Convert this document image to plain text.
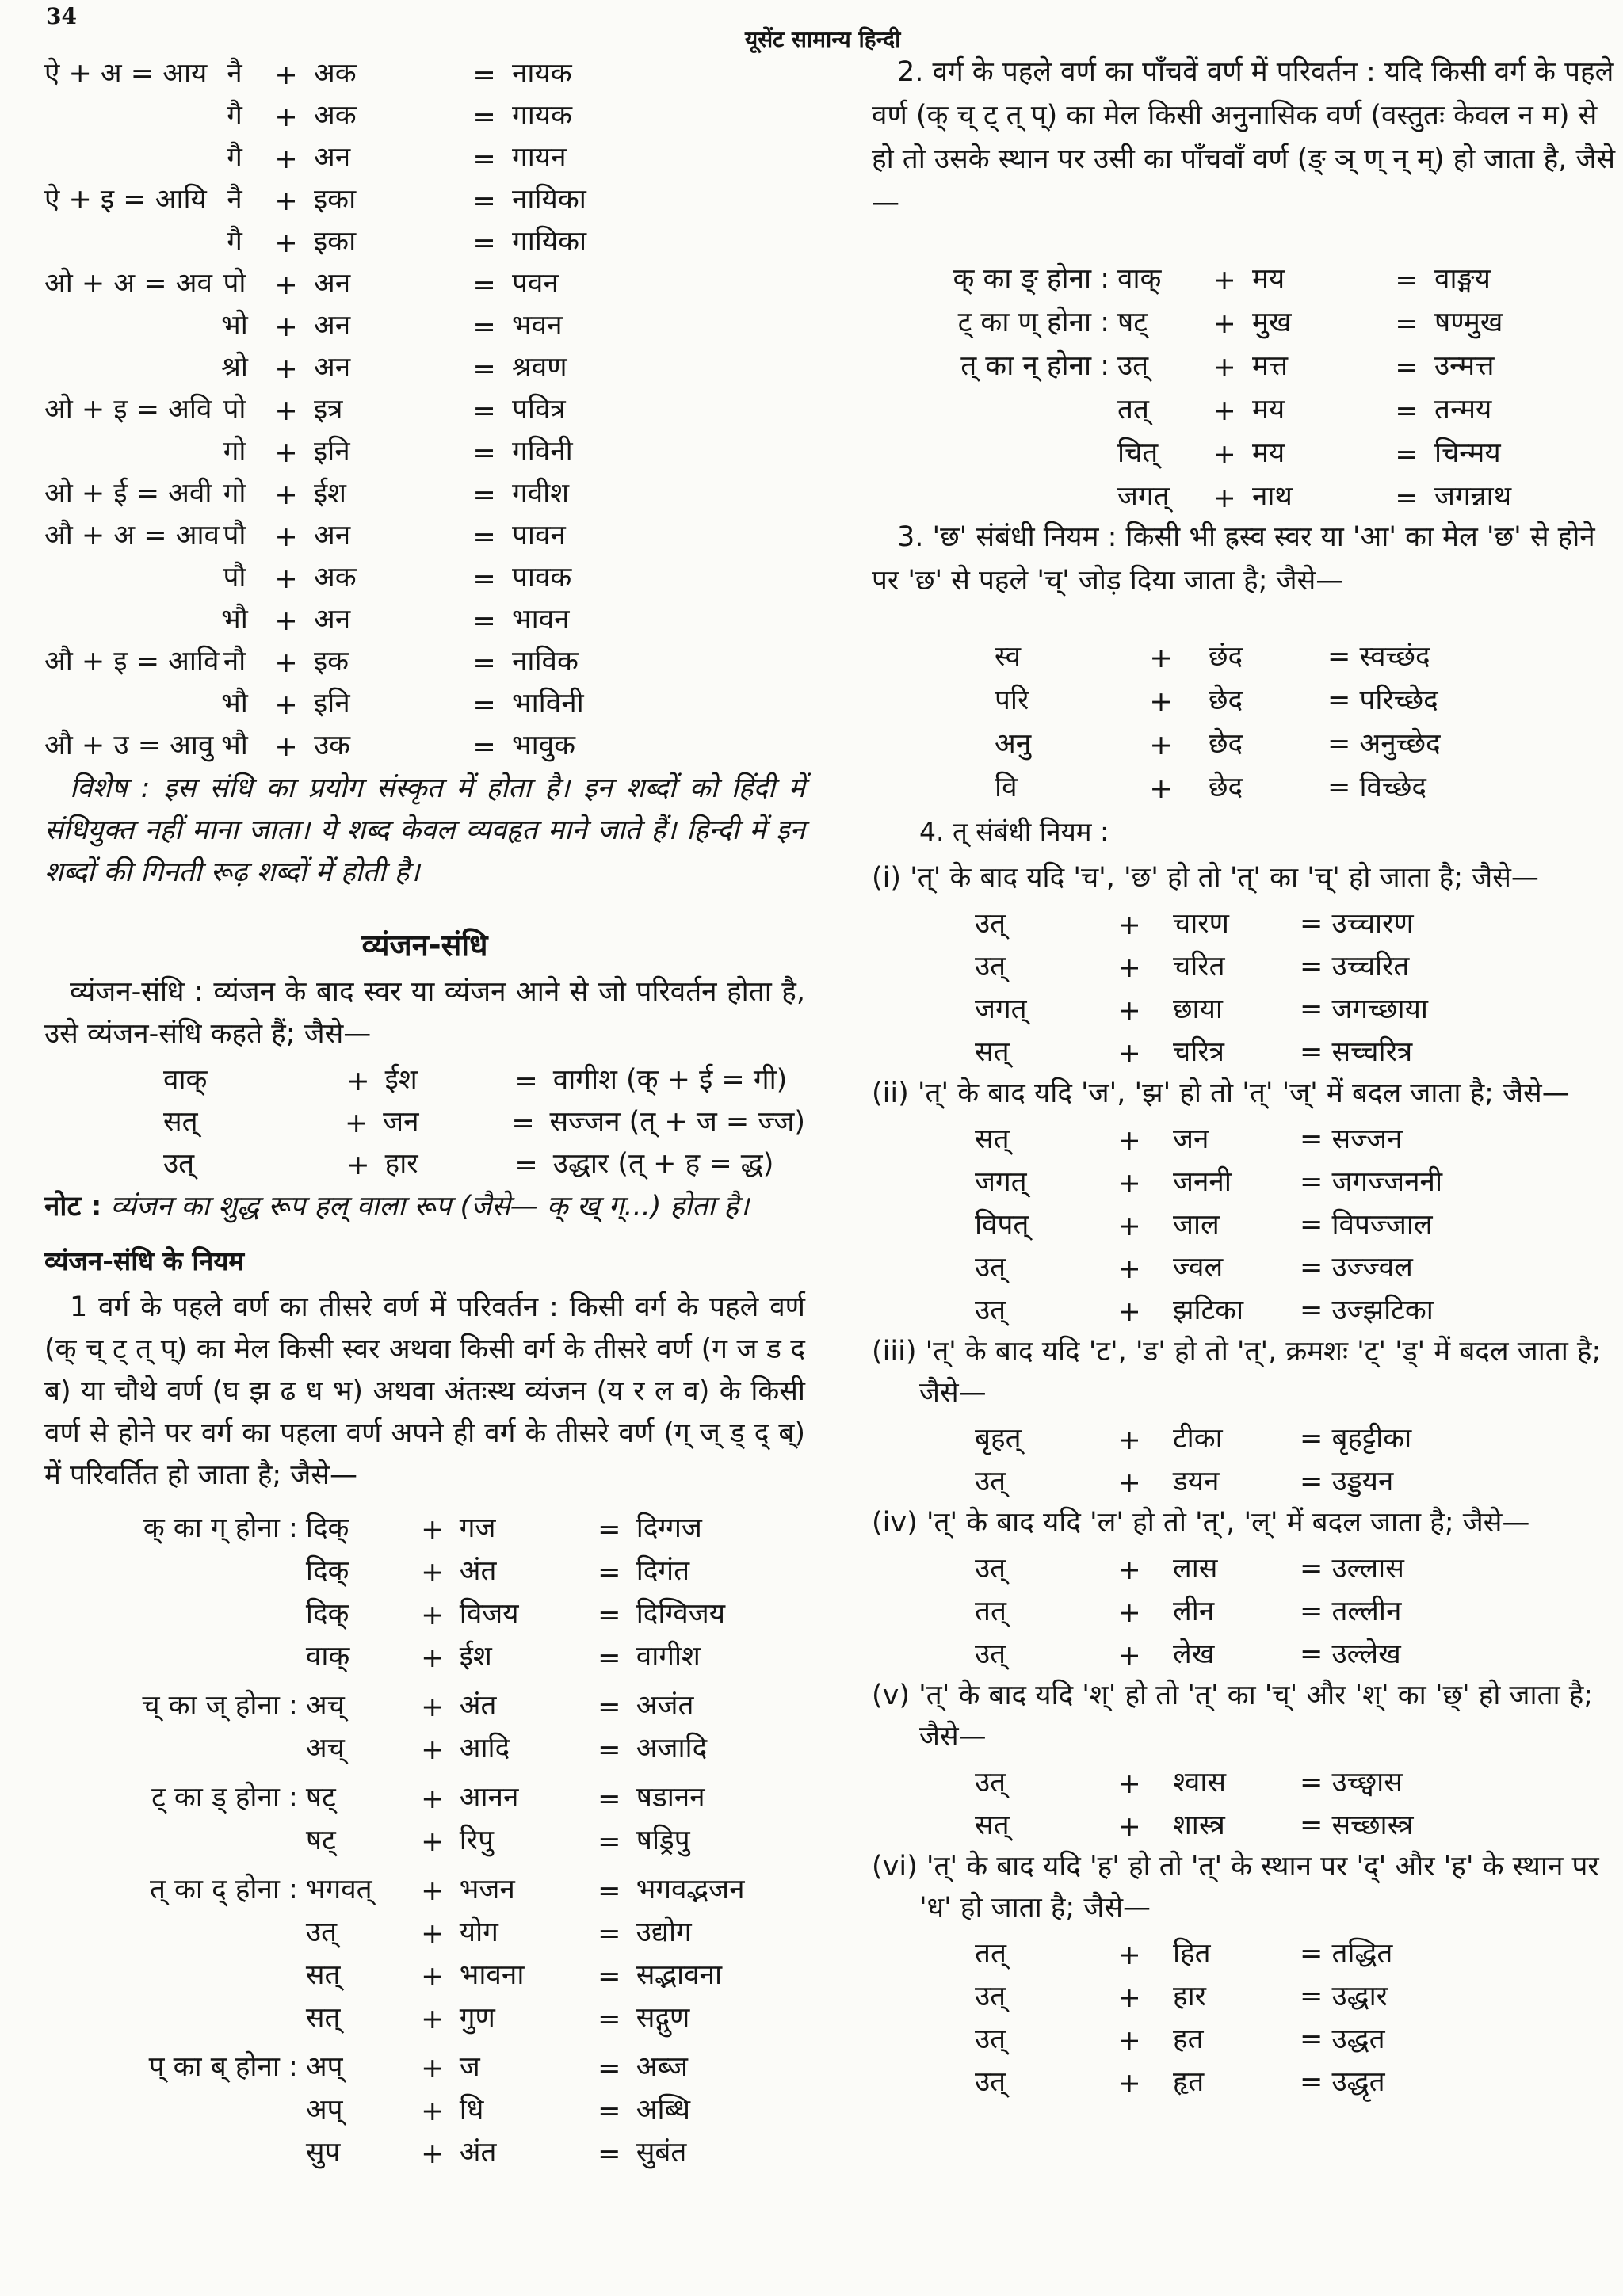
34
यूसेंट सामान्य हिन्दी
ऐ + अ = आय नै	+ अक	= नायक
गै	+ अक	= गायक
गै	+ अन	= गायन
ऐ + इ = आयि नै	+ इका	= नायिका
गै	+ इका	= गायिका
ओ + अ = अव पो	+ अन	= पवन
भो + अन	= भवन
श्रो + अन	= श्रवण
ओ + इ = अवि पो	+ इत्र	= पवित्र
गो	+ इनि	= गविनी
ओ + ई = अवी गो	+ ईश	= गवीश
औ + अ = आव पौ	+ अन	= पावन
पौ	+ अक	= पावक
भौ + अन	= भावन
औ + इ = आवि नौ	+ इक	= नाविक
भौ + इनि	= भाविनी
औ + उ = आवु भौ + उक	= भावुक

विशेष : इस संधि का प्रयोग संस्कृत में होता है। इन शब्दों को हिंदी में संधियुक्त नहीं माना जाता। ये शब्द केवल व्यवहृत माने जाते हैं। हिन्दी में इन शब्दों की गिनती रूढ़ शब्दों में होती है।

व्यंजन-संधि

व्यंजन-संधि : व्यंजन के बाद स्वर या व्यंजन आने से जो परिवर्तन होता है, उसे व्यंजन-संधि कहते हैं; जैसे—

वाक्	+ ईश	= वागीश (क् + ई = गी)
सत्	+ जन	= सज्जन (त् + ज = ज्ज)
उत्	+ हार	= उद्धार (त् + ह = द्ध)

नोट : व्यंजन का शुद्ध रूप हल् वाला रूप (जैसे— क् ख् ग्...) होता है।

व्यंजन-संधि के नियम

1 वर्ग के पहले वर्ण का तीसरे वर्ण में परिवर्तन : किसी वर्ग के पहले वर्ण (क् च् ट् त् प्) का मेल किसी स्वर अथवा किसी वर्ग के तीसरे वर्ण (ग ज ड द ब) या चौथे वर्ण (घ झ ढ ध भ) अथवा अंतःस्थ व्यंजन (य र ल व) के किसी वर्ण से होने पर वर्ग का पहला वर्ण अपने ही वर्ग के तीसरे वर्ण (ग् ज् ड् द् ब्) में परिवर्तित हो जाता है; जैसे—

क् का ग् होना : दिक्	+ गज	= दिग्गज
दिक्	+ अंत	= दिगंत
दिक्	+ विजय	= दिग्विजय
वाक्	+ ईश	= वागीश
च् का ज् होना : अच्	+ अंत	= अजंत
अच्	+ आदि	= अजादि
ट् का ड् होना : षट्	+ आनन	= षडानन
षट्	+ रिपु	= षड्रिपु
त् का द् होना : भगवत्	+ भजन	= भगवद्भजन
उत्	+ योग	= उद्योग
सत्	+ भावना	= सद्भावना
सत्	+ गुण	= सद्गुण
प् का ब् होना : अप्	+ ज	= अब्ज
अप्	+ धि	= अब्धि
सुप	+ अंत	= सुबंत

2. वर्ग के पहले वर्ण का पाँचवें वर्ण में परिवर्तन : यदि किसी वर्ग के पहले वर्ण (क् च् ट् त् प्) का मेल किसी अनुनासिक वर्ण (वस्तुतः केवल न म) से हो तो उसके स्थान पर उसी का पाँचवाँ वर्ण (ङ् ञ् ण् न् म्) हो जाता है, जैसे—

क् का ङ् होना : वाक्	+ मय	= वाङ्मय
ट् का ण् होना : षट्	+ मुख	= षण्मुख
त् का न् होना : उत्	+ मत्त	= उन्मत्त
तत्	+ मय	= तन्मय
चित्	+ मय	= चिन्मय
जगत्	+ नाथ	= जगन्नाथ

3. 'छ' संबंधी नियम : किसी भी ह्रस्व स्वर या 'आ' का मेल 'छ' से होने पर 'छ' से पहले 'च्' जोड़ दिया जाता है; जैसे—

स्व	+	छंद	= स्वच्छंद
परि	+	छेद	= परिच्छेद
अनु	+	छेद	= अनुच्छेद
वि	+	छेद	= विच्छेद
4. त् संबंधी नियम :
(i) 'त्' के बाद यदि 'च', 'छ' हो तो 'त्' का 'च्' हो जाता है; जैसे—
उत्	+	चारण	= उच्चारण
उत्	+	चरित	= उच्चरित
जगत्	+	छाया	= जगच्छाया
सत्	+	चरित्र	= सच्चरित्र
(ii) 'त्' के बाद यदि 'ज', 'झ' हो तो 'त्' 'ज्' में बदल जाता है; जैसे—
सत्	+	जन	= सज्जन
जगत्	+	जननी	= जगज्जननी
विपत्	+	जाल	= विपज्जाल
उत्	+	ज्वल	= उज्ज्वल
उत्	+	झटिका	= उज्झटिका
(iii) 'त्' के बाद यदि 'ट', 'ड' हो तो 'त्', क्रमशः 'ट्' 'ड्' में बदल जाता है; जैसे—
बृहत्	+	टीका	= बृहट्टीका
उत्	+	डयन	= उड्डयन
(iv) 'त्' के बाद यदि 'ल' हो तो 'त्', 'ल्' में बदल जाता है; जैसे—
उत्	+	लास	= उल्लास
तत्	+	लीन	= तल्लीन
उत्	+	लेख	= उल्लेख
(v) 'त्' के बाद यदि 'श्' हो तो 'त्' का 'च्' और 'श्' का 'छ्' हो जाता है; जैसे—
उत्	+	श्वास	= उच्छ्वास
सत्	+	शास्त्र	= सच्छास्त्र
(vi) 'त्' के बाद यदि 'ह' हो तो 'त्' के स्थान पर 'द्' और 'ह' के स्थान पर 'ध' हो जाता है; जैसे—
तत्	+	हित	= तद्धित
उत्	+	हार	= उद्धार
उत्	+	हत	= उद्धत
उत्	+	हृत	= उद्धृत
